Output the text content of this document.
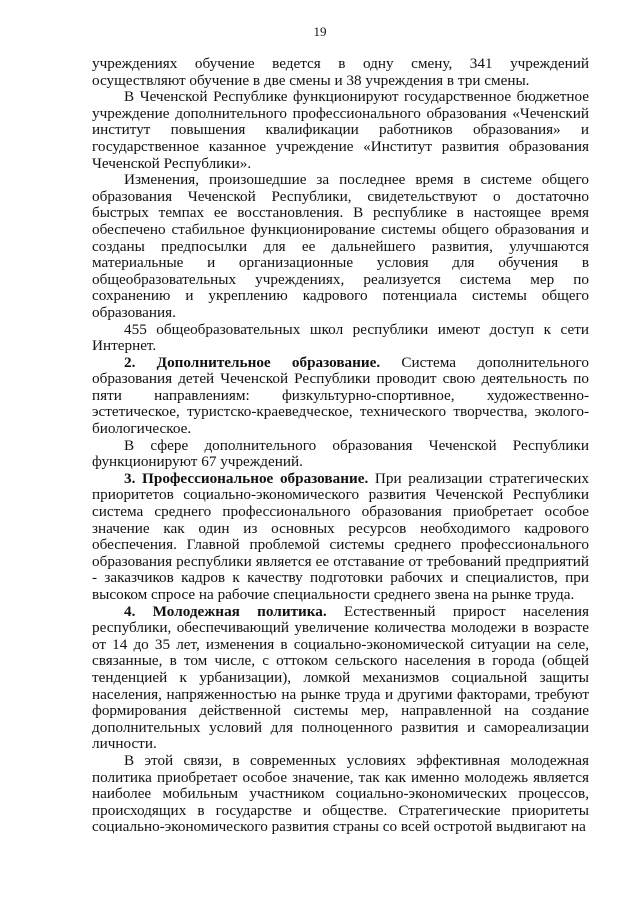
19

учреждениях обучение ведется в одну смену, 341 учреждений осуществляют обучение в две смены и 38 учреждения в три смены.

В Чеченской Республике функционируют государственное бюджетное учреждение дополнительного профессионального образования «Чеченский институт повышения квалификации работников образования» и государственное казанное учреждение «Институт развития образования Чеченской Республики».

Изменения, произошедшие за последнее время в системе общего образования Чеченской Республики, свидетельствуют о достаточно быстрых темпах ее восстановления. В республике в настоящее время обеспечено стабильное функционирование системы общего образования и созданы предпосылки для ее дальнейшего развития, улучшаются материальные и организационные условия для обучения в общеобразовательных учреждениях, реализуется система мер по сохранению и укреплению кадрового потенциала системы общего образования.

455 общеобразовательных школ республики имеют доступ к сети Интернет.

2. Дополнительное образование. Система дополнительного образования детей Чеченской Республики проводит свою деятельность по пяти направлениям: физкультурно-спортивное, художественно-эстетическое, туристско-краеведческое, технического творчества, эколого-биологическое.

В сфере дополнительного образования Чеченской Республики функционируют 67 учреждений.

3. Профессиональное образование. При реализации стратегических приоритетов социально-экономического развития Чеченской Республики система среднего профессионального образования приобретает особое значение как один из основных ресурсов необходимого кадрового обеспечения. Главной проблемой системы среднего профессионального образования республики является ее отставание от требований предприятий - заказчиков кадров к качеству подготовки рабочих и специалистов, при высоком спросе на рабочие специальности среднего звена на рынке труда.

4. Молодежная политика. Естественный прирост населения республики, обеспечивающий увеличение количества молодежи в возрасте от 14 до 35 лет, изменения в социально-экономической ситуации на селе, связанные, в том числе, с оттоком сельского населения в города (общей тенденцией к урбанизации), ломкой механизмов социальной защиты населения, напряженностью на рынке труда и другими факторами, требуют формирования действенной системы мер, направленной на создание дополнительных условий для полноценного развития и самореализации личности.

В этой связи, в современных условиях эффективная молодежная политика приобретает особое значение, так как именно молодежь является наиболее мобильным участником социально-экономических процессов, происходящих в государстве и обществе. Стратегические приоритеты социально-экономического развития страны со всей остротой выдвигают на
